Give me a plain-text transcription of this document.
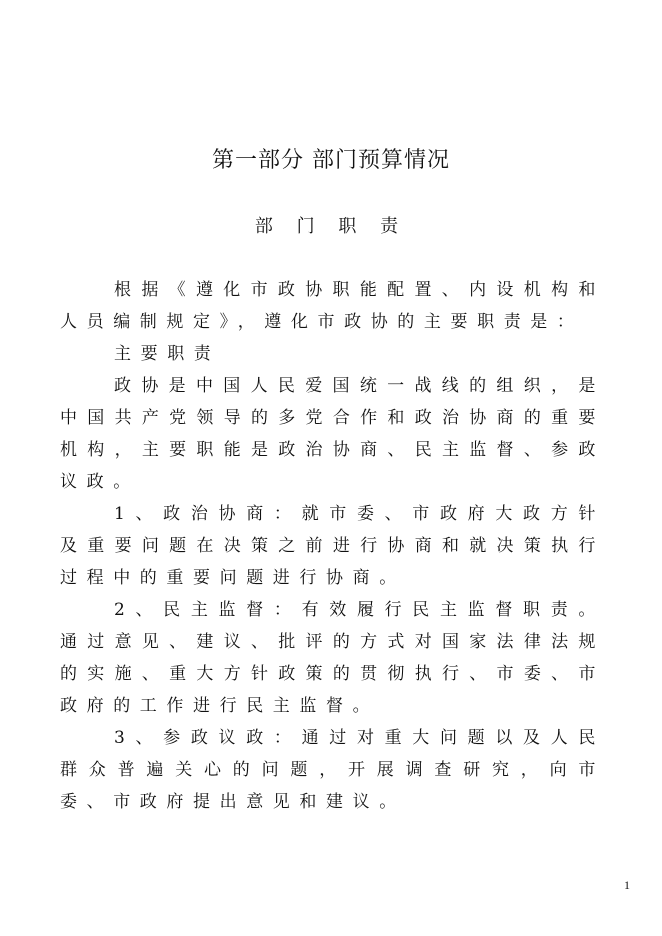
第一部分 部门预算情况
部 门 职 责

根据《遵化市政协职能配置、内设机构和人员编制规定》，遵化市政协的主要职责是：

主要职责

政协是中国人民爱国统一战线的组织，是中国共产党领导的多党合作和政治协商的重要机构，主要职能是政治协商、民主监督、参政议政。

1、政治协商：就市委、市政府大政方针及重要问题在决策之前进行协商和就决策执行过程中的重要问题进行协商。

2、民主监督：有效履行民主监督职责。通过意见、建议、批评的方式对国家法律法规的实施、重大方针政策的贯彻执行、市委、市政府的工作进行民主监督。

3、参政议政：通过对重大问题以及人民群众普遍关心的问题，开展调查研究，向市委、市政府提出意见和建议。

1
